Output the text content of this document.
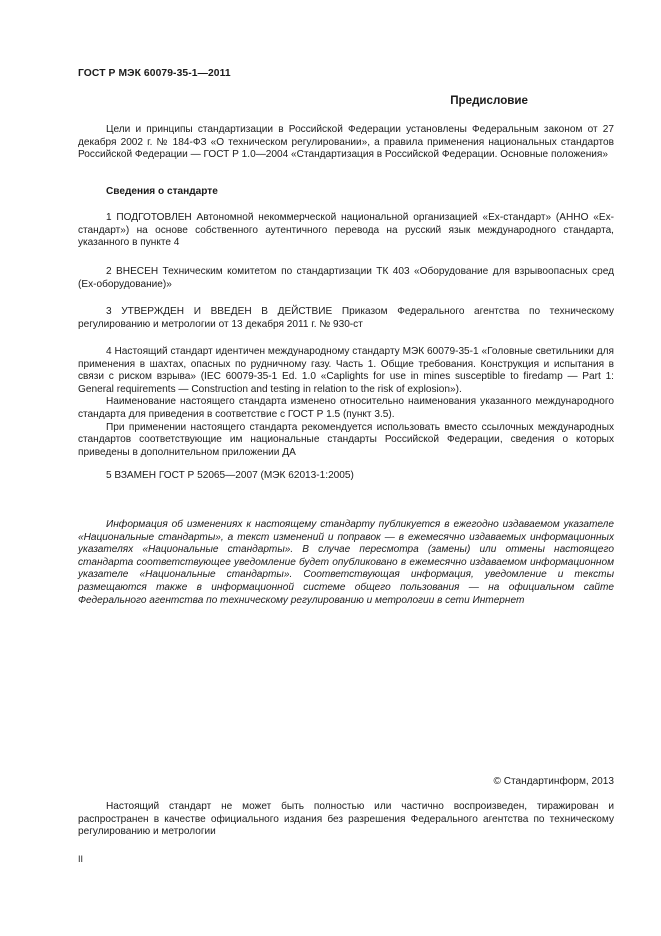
ГОСТ Р МЭК 60079-35-1—2011
Предисловие

Цели и принципы стандартизации в Российской Федерации установлены Федеральным законом от 27 декабря 2002 г. № 184-ФЗ «О техническом регулировании», а правила применения национальных стандартов Российской Федерации — ГОСТ Р 1.0—2004 «Стандартизация в Российской Федерации. Основные положения»

Сведения о стандарте

1 ПОДГОТОВЛЕН Автономной некоммерческой национальной организацией «Ех-стандарт» (АННО «Ех-стандарт») на основе собственного аутентичного перевода на русский язык международного стандарта, указанного в пункте 4

2 ВНЕСЕН Техническим комитетом по стандартизации ТК 403 «Оборудование для взрывоопасных сред (Ех-оборудование)»

3 УТВЕРЖДЕН И ВВЕДЕН В ДЕЙСТВИЕ Приказом Федерального агентства по техническому регулированию и метрологии от 13 декабря 2011 г. № 930-ст

4 Настоящий стандарт идентичен международному стандарту МЭК 60079-35-1 «Головные светильники для применения в шахтах, опасных по рудничному газу. Часть 1. Общие требования. Конструкция и испытания в связи с риском взрыва» (IEC 60079-35-1 Ed. 1.0 «Caplights for use in mines susceptible to firedamp — Part 1: General requirements — Construction and testing in relation to the risk of explosion»).

Наименование настоящего стандарта изменено относительно наименования указанного международного стандарта для приведения в соответствие с ГОСТ Р 1.5 (пункт 3.5).

При применении настоящего стандарта рекомендуется использовать вместо ссылочных международных стандартов соответствующие им национальные стандарты Российской Федерации, сведения о которых приведены в дополнительном приложении ДА

5 ВЗАМЕН ГОСТ Р 52065—2007 (МЭК 62013-1:2005)

Информация об изменениях к настоящему стандарту публикуется в ежегодно издаваемом указателе «Национальные стандарты», а текст изменений и поправок — в ежемесячно издаваемых информационных указателях «Национальные стандарты». В случае пересмотра (замены) или отмены настоящего стандарта соответствующее уведомление будет опубликовано в ежемесячно издаваемом информационном указателе «Национальные стандарты». Соответствующая информация, уведомление и тексты размещаются также в информационной системе общего пользования — на официальном сайте Федерального агентства по техническому регулированию и метрологии в сети Интернет

© Стандартинформ, 2013

Настоящий стандарт не может быть полностью или частично воспроизведен, тиражирован и распространен в качестве официального издания без разрешения Федерального агентства по техническому регулированию и метрологии

II
